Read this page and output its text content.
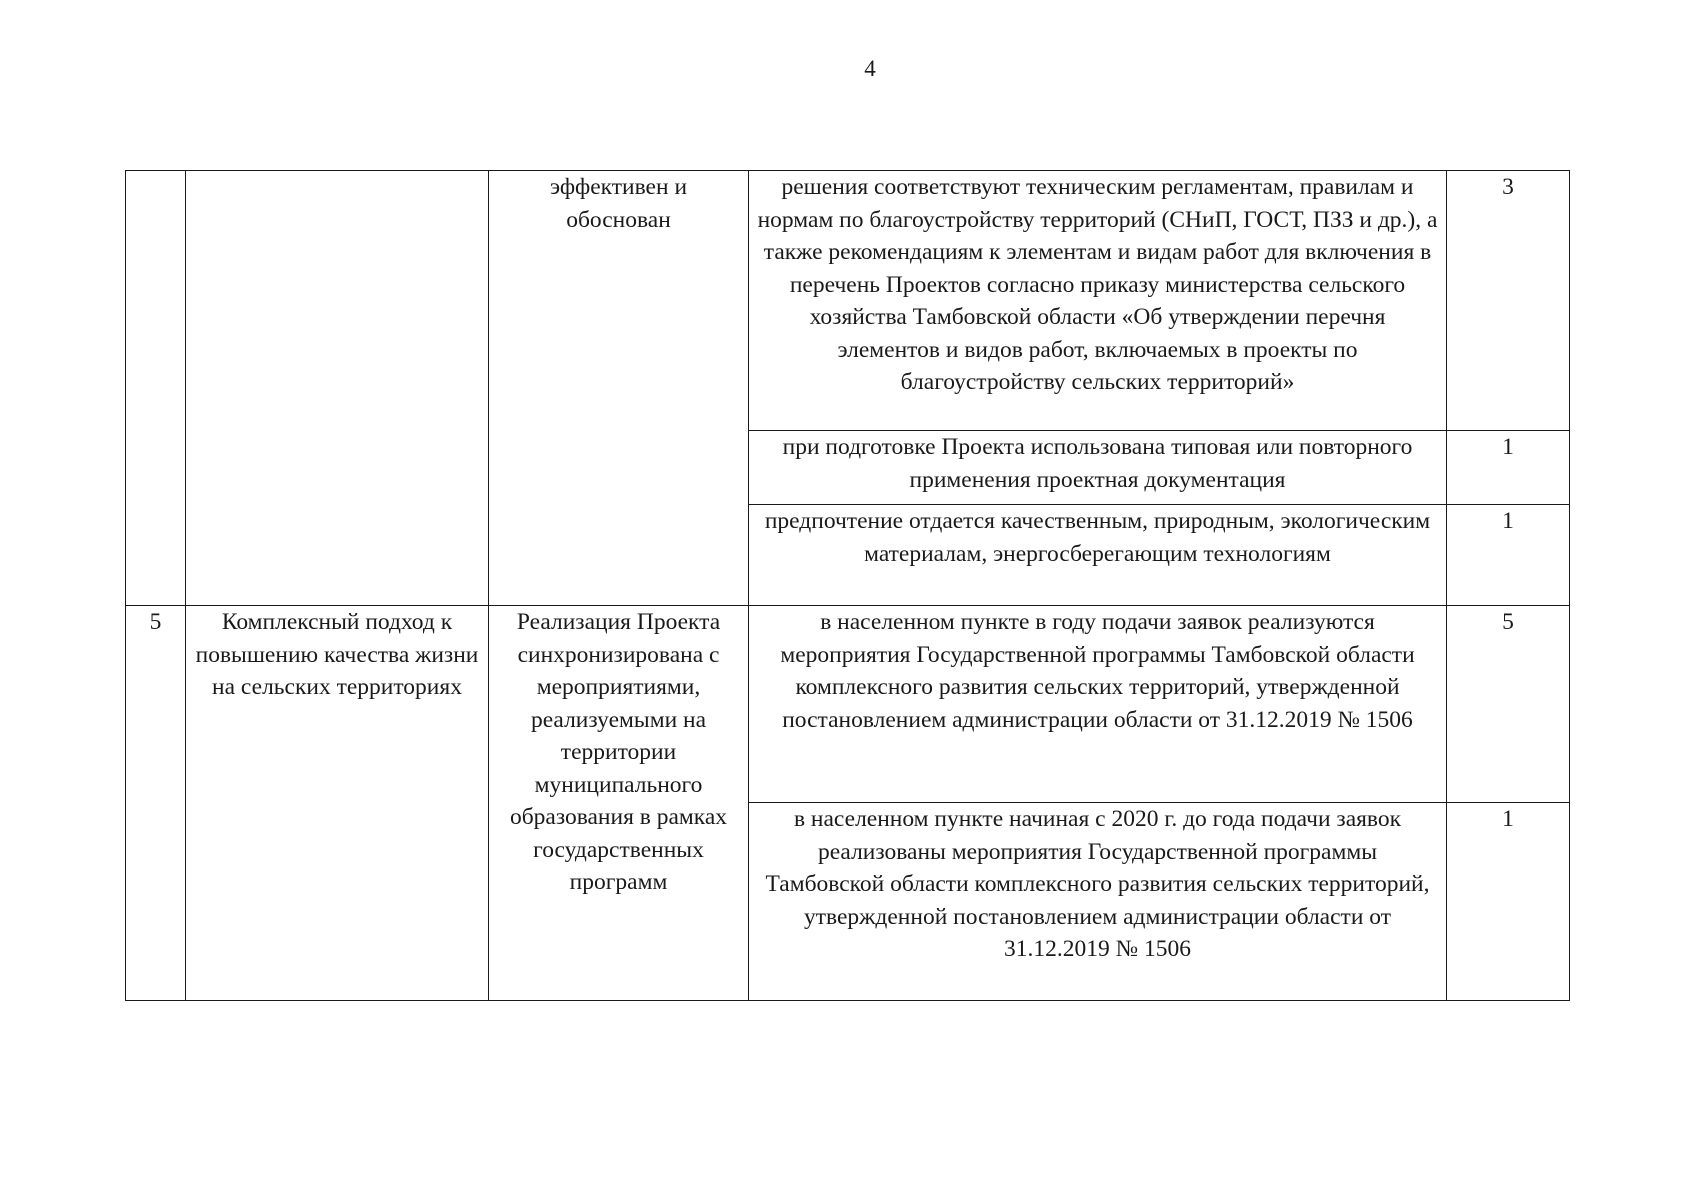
4
		эффективен и обоснован	решения соответствуют техническим регламентам, правилам и нормам по благоустройству территорий (СНиП, ГОСТ, ПЗЗ и др.), а также рекомендациям к элементам и видам работ для включения в перечень Проектов согласно приказу министерства сельского хозяйства Тамбовской области «Об утверждении перечня элементов и видов работ, включаемых в проекты по благоустройству сельских территорий»	3
			при подготовке Проекта использована типовая или повторного применения проектная документация	1
			предпочтение отдается качественным, природным, экологическим материалам, энергосберегающим технологиям	1
5	Комплексный подход к повышению качества жизни на сельских территориях	Реализация Проекта синхронизирована с мероприятиями, реализуемыми на территории муниципального образования в рамках государственных программ	в населенном пункте в году подачи заявок реализуются мероприятия Государственной программы Тамбовской области комплексного развития сельских территорий, утвержденной постановлением администрации области от 31.12.2019 № 1506	5
			в населенном пункте начиная с 2020 г. до года подачи заявок реализованы мероприятия Государственной программы Тамбовской области комплексного развития сельских территорий, утвержденной постановлением администрации области от 31.12.2019 № 1506	1
